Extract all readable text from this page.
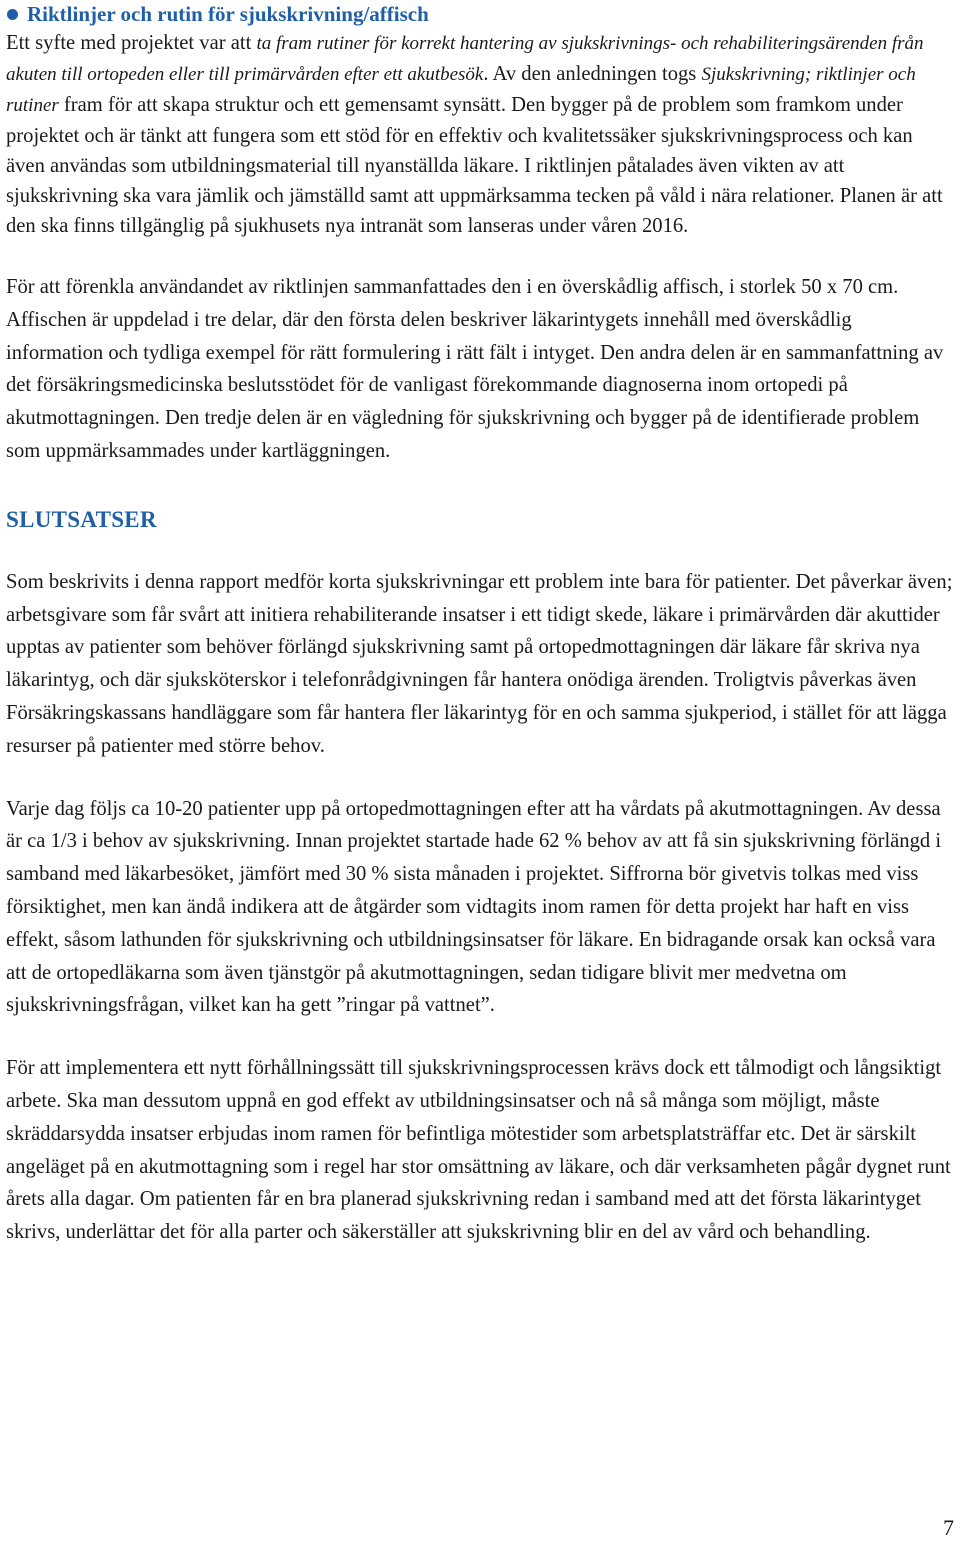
Riktlinjer och rutin för sjukskrivning/affisch

Ett syfte med projektet var att ta fram rutiner för korrekt hantering av sjukskrivnings- och rehabiliteringsärenden från akuten till ortopeden eller till primärvården efter ett akutbesök. Av den anledningen togs Sjukskrivning; riktlinjer och rutiner fram för att skapa struktur och ett gemensamt synsätt. Den bygger på de problem som framkom under projektet och är tänkt att fungera som ett stöd för en effektiv och kvalitetssäker sjukskrivningsprocess och kan även användas som utbildningsmaterial till nyanställda läkare. I riktlinjen påtalades även vikten av att sjukskrivning ska vara jämlik och jämställd samt att uppmärksamma tecken på våld i nära relationer. Planen är att den ska finns tillgänglig på sjukhusets nya intranät som lanseras under våren 2016.

För att förenkla användandet av riktlinjen sammanfattades den i en överskådlig affisch, i storlek 50 x 70 cm. Affischen är uppdelad i tre delar, där den första delen beskriver läkarintygets innehåll med överskådlig information och tydliga exempel för rätt formulering i rätt fält i intyget. Den andra delen är en sammanfattning av det försäkringsmedicinska beslutsstödet för de vanligast förekommande diagnoserna inom ortopedi på akutmottagningen. Den tredje delen är en vägledning för sjukskrivning och bygger på de identifierade problem som uppmärksammades under kartläggningen.

SLUTSATSER

Som beskrivits i denna rapport medför korta sjukskrivningar ett problem inte bara för patienter. Det påverkar även; arbetsgivare som får svårt att initiera rehabiliterande insatser i ett tidigt skede, läkare i primärvården där akuttider upptas av patienter som behöver förlängd sjukskrivning samt på ortopedmottagningen där läkare får skriva nya läkarintyg, och där sjuksköterskor i telefonrådgivningen får hantera onödiga ärenden. Troligtvis påverkas även Försäkringskassans handläggare som får hantera fler läkarintyg för en och samma sjukperiod, i stället för att lägga resurser på patienter med större behov.

Varje dag följs ca 10-20 patienter upp på ortopedmottagningen efter att ha vårdats på akutmottagningen. Av dessa är ca 1/3 i behov av sjukskrivning. Innan projektet startade hade 62 % behov av att få sin sjukskrivning förlängd i samband med läkarbesöket, jämfört med 30 % sista månaden i projektet. Siffrorna bör givetvis tolkas med viss försiktighet, men kan ändå indikera att de åtgärder som vidtagits inom ramen för detta projekt har haft en viss effekt, såsom lathunden för sjukskrivning och utbildningsinsatser för läkare. En bidragande orsak kan också vara att de ortopedläkarna som även tjänstgör på akutmottagningen, sedan tidigare blivit mer medvetna om sjukskrivningsfrågan, vilket kan ha gett ”ringar på vattnet”.

För att implementera ett nytt förhållningssätt till sjukskrivningsprocessen krävs dock ett tålmodigt och långsiktigt arbete. Ska man dessutom uppnå en god effekt av utbildningsinsatser och nå så många som möjligt, måste skräddarsydda insatser erbjudas inom ramen för befintliga mötestider som arbetsplatsträffar etc. Det är särskilt angeläget på en akutmottagning som i regel har stor omsättning av läkare, och där verksamheten pågår dygnet runt årets alla dagar. Om patienten får en bra planerad sjukskrivning redan i samband med att det första läkarintyget skrivs, underlättar det för alla parter och säkerställer att sjukskrivning blir en del av vård och behandling.

7
